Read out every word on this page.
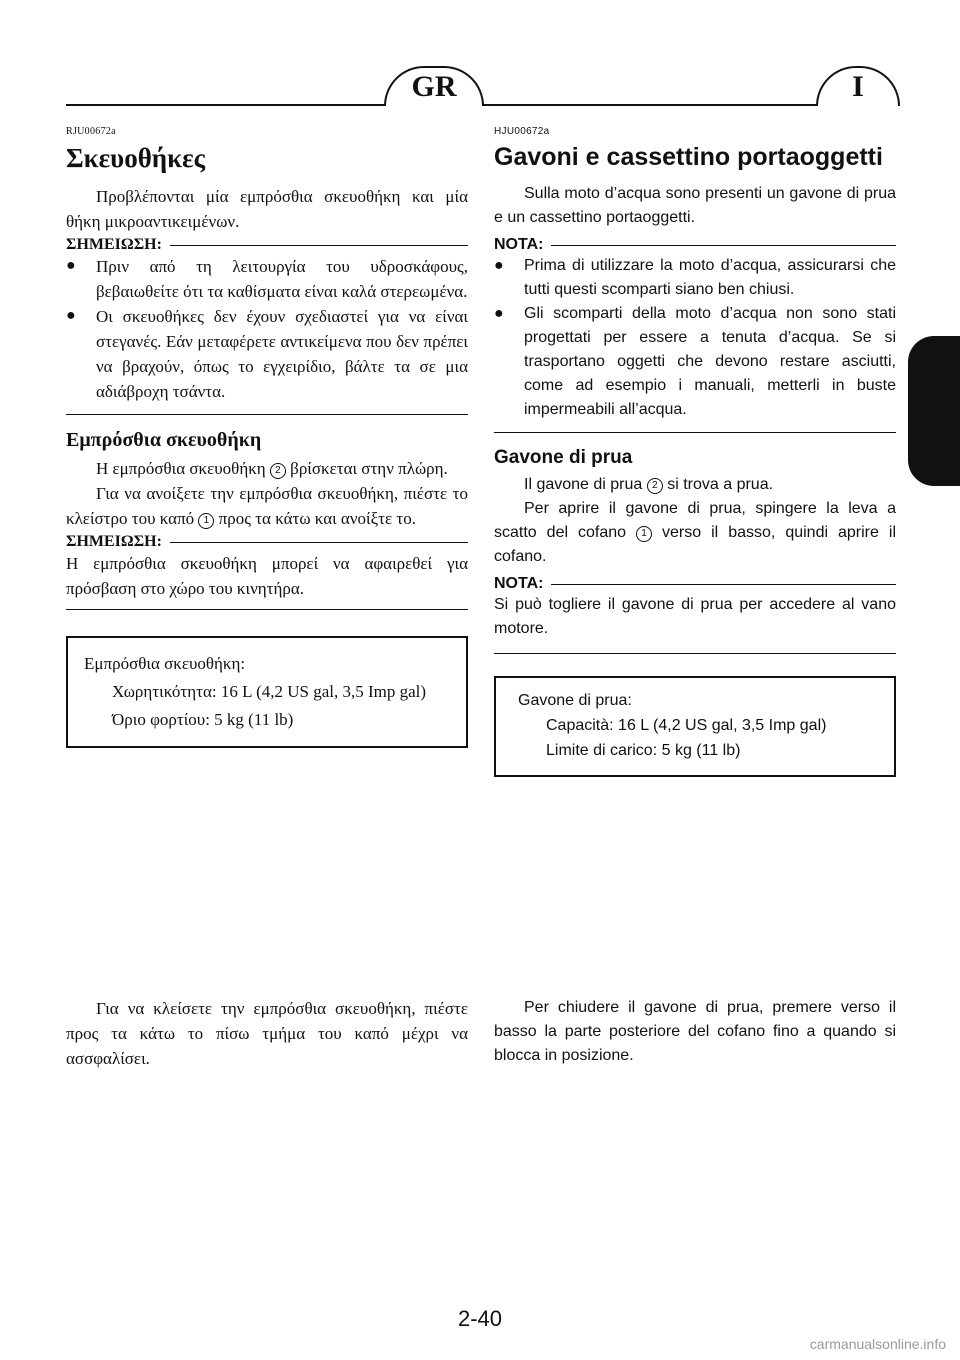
GR	I
RJU00672a
Σκευοθήκες

Προβλέπονται μία εμπρόσθια σκευοθήκη και μία θήκη μικροαντικειμένων.

ΣΗΜΕΙΩΣΗ:
●	Πριν από τη λειτουργία του υδροσκάφους, βεβαιωθείτε ότι τα καθίσματα είναι καλά στερεωμένα.
●	Οι σκευοθήκες δεν έχουν σχεδιαστεί για να είναι στεγανές. Εάν μεταφέρετε αντικείμενα που δεν πρέπει να βραχούν, όπως το εγχειρίδιο, βάλτε τα σε μια αδιάβροχη τσάντα.
Εμπρόσθια σκευοθήκη

Η εμπρόσθια σκευοθήκη 2 βρίσκεται στην πλώρη.

Για να ανοίξετε την εμπρόσθια σκευοθήκη, πιέστε το κλείστρο του καπό 1 προς τα κάτω και ανοίξτε το.

ΣΗΜΕΙΩΣΗ:

Η εμπρόσθια σκευοθήκη μπορεί να αφαιρεθεί για πρόσβαση στο χώρο του κινητήρα.

Εμπρόσθια σκευοθήκη:
Χωρητικότητα: 16 L (4,2 US gal, 3,5 Imp gal)
Όριο φορτίου: 5 kg (11 lb)

Για να κλείσετε την εμπρόσθια σκευοθήκη, πιέστε προς τα κάτω το πίσω τμήμα του καπό μέχρι να ασσφαλίσει.

HJU00672a
Gavoni e cassettino portaoggetti

Sulla moto d’acqua sono presenti un gavone di prua e un cassettino portaoggetti.

NOTA:
●	Prima di utilizzare la moto d’acqua, assicurarsi che tutti questi scomparti siano ben chiusi.
●	Gli scomparti della moto d’acqua non sono stati progettati per essere a tenuta d’acqua. Se si trasportano oggetti che devono restare asciutti, come ad esempio i manuali, metterli in buste impermeabili all’acqua.
Gavone di prua

Il gavone di prua 2 si trova a prua.

Per aprire il gavone di prua, spingere la leva a scatto del cofano 1 verso il basso, quindi aprire il cofano.

NOTA:

Si può togliere il gavone di prua per accedere al vano motore.

Gavone di prua:
Capacità: 16 L (4,2 US gal, 3,5 Imp gal)
Limite di carico: 5 kg (11 lb)

Per chiudere il gavone di prua, premere verso il basso la parte posteriore del cofano fino a quando si blocca in posizione.

2-40
carmanualsonline.info
